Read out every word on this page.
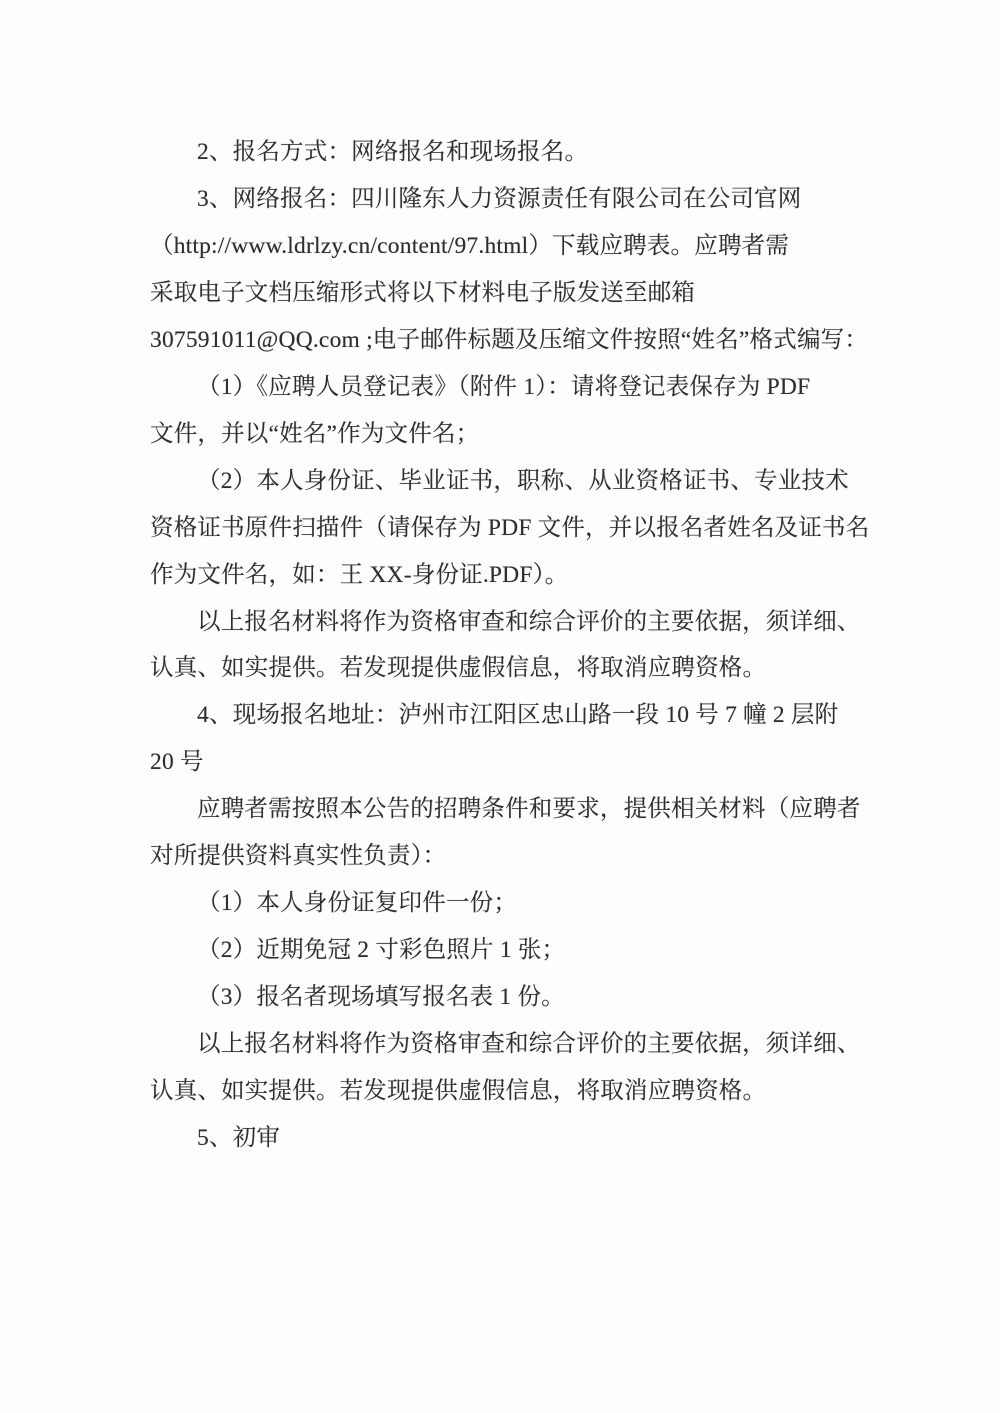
2、报名方式：网络报名和现场报名。
3、网络报名：四川隆东人力资源责任有限公司在公司官网
（http://www.ldrlzy.cn/content/97.html）下载应聘表。应聘者需
采取电子文档压缩形式将以下材料电子版发送至邮箱
307591011@QQ.com ;电子邮件标题及压缩文件按照“姓名”格式编写：
（1）《应聘人员登记表》（附件 1）：请将登记表保存为 PDF
文件，并以“姓名”作为文件名；
（2）本人身份证、毕业证书，职称、从业资格证书、专业技术
资格证书原件扫描件（请保存为 PDF 文件，并以报名者姓名及证书名
作为文件名，如：王 XX-身份证.PDF）。
以上报名材料将作为资格审查和综合评价的主要依据，须详细、
认真、如实提供。若发现提供虚假信息，将取消应聘资格。
4、现场报名地址：泸州市江阳区忠山路一段 10 号 7 幢 2 层附
20 号
应聘者需按照本公告的招聘条件和要求，提供相关材料（应聘者
对所提供资料真实性负责）：
（1）本人身份证复印件一份；
（2）近期免冠 2 寸彩色照片 1 张；
（3）报名者现场填写报名表 1 份。
以上报名材料将作为资格审查和综合评价的主要依据，须详细、
认真、如实提供。若发现提供虚假信息，将取消应聘资格。
5、初审
